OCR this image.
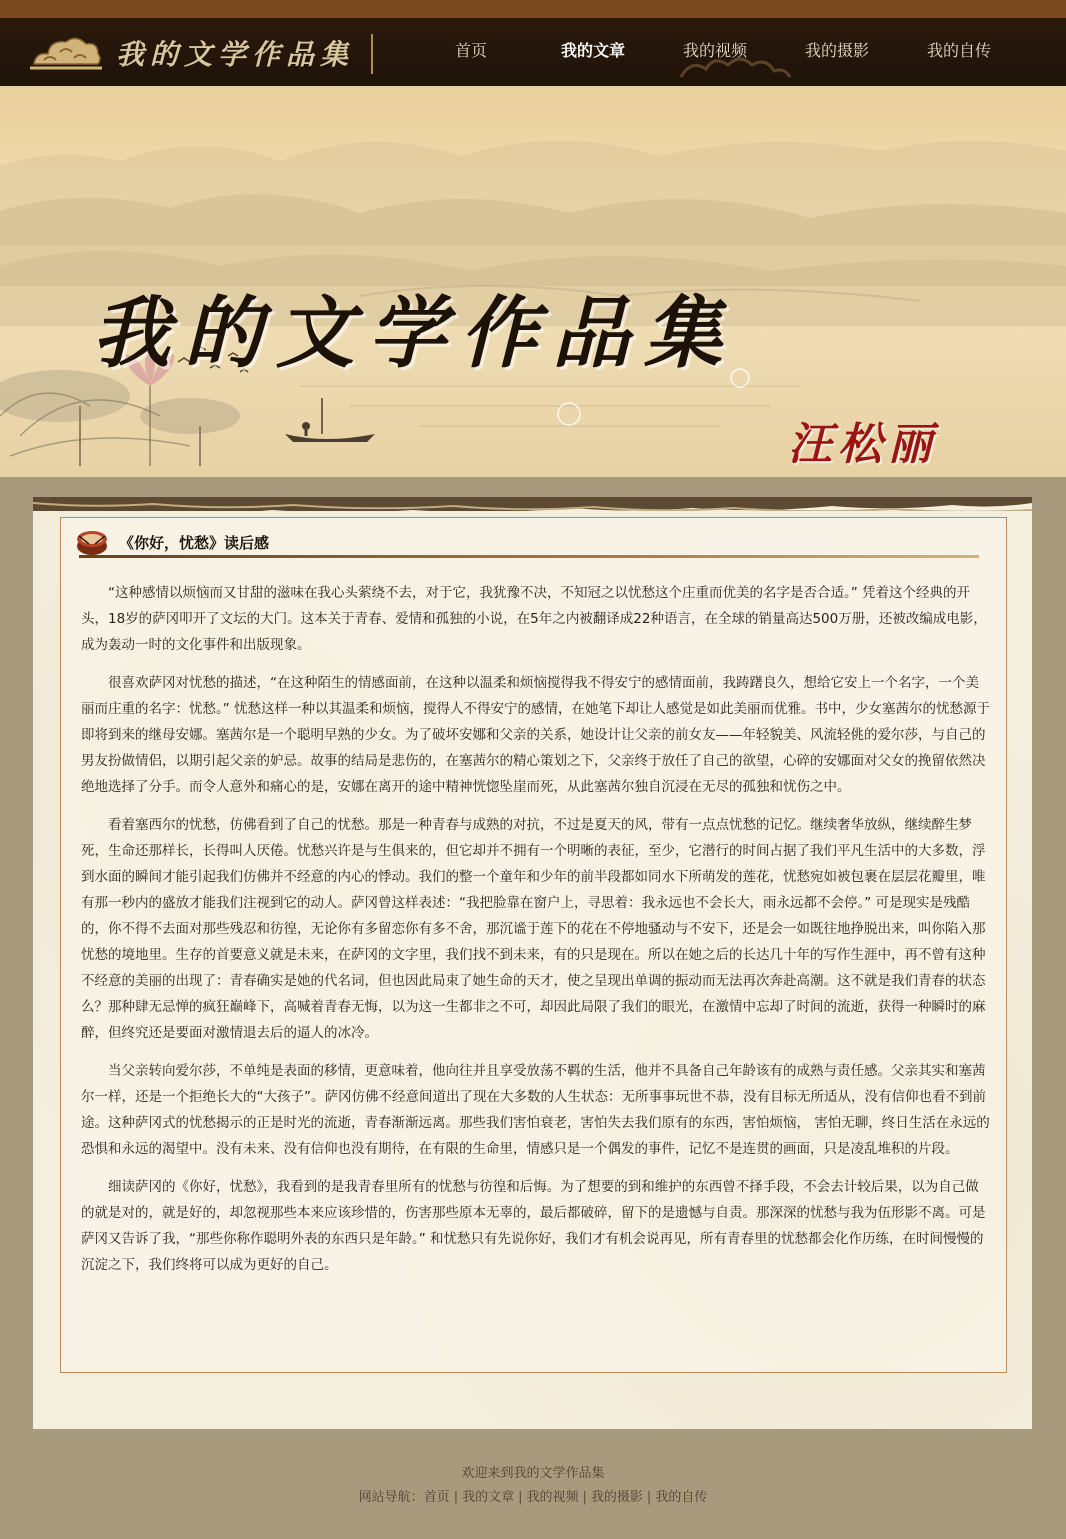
我的文学作品集	首页	我的文章	我的视频	我的摄影	我的自传
我的文学作品集
汪松丽
《你好，忧愁》读后感

“这种感情以烦恼而又甘甜的滋味在我心头萦绕不去，对于它，我犹豫不决，不知冠之以忧愁这个庄重而优美的名字是否合适。” 凭着这个经典的开头，18岁的萨冈叩开了文坛的大门。这本关于青春、爱情和孤独的小说，在5年之内被翻译成22种语言，在全球的销量高达500万册，还被改编成电影，成为轰动一时的文化事件和出版现象。

很喜欢萨冈对忧愁的描述，“在这种陌生的情感面前，在这种以温柔和烦恼搅得我不得安宁的感情面前，我踌躇良久，想给它安上一个名字，一个美丽而庄重的名字：忧愁。” 忧愁这样一种以其温柔和烦恼，搅得人不得安宁的感情，在她笔下却让人感觉是如此美丽而优雅。书中，少女塞茜尔的忧愁源于即将到来的继母安娜。塞茜尔是一个聪明早熟的少女。为了破坏安娜和父亲的关系，她设计让父亲的前女友——年轻貌美、风流轻佻的爱尔莎，与自己的男友扮做情侣，以期引起父亲的妒忌。故事的结局是悲伤的，在塞茜尔的精心策划之下，父亲终于放任了自己的欲望，心碎的安娜面对父女的挽留依然决绝地选择了分手。而令人意外和痛心的是，安娜在离开的途中精神恍惚坠崖而死，从此塞茜尔独自沉浸在无尽的孤独和忧伤之中。

看着塞西尔的忧愁，仿佛看到了自己的忧愁。那是一种青春与成熟的对抗，不过是夏天的风，带有一点点忧愁的记忆。继续奢华放纵，继续醉生梦死，生命还那样长，长得叫人厌倦。忧愁兴许是与生俱来的，但它却并不拥有一个明晰的表征，至少，它潜行的时间占据了我们平凡生活中的大多数，浮到水面的瞬间才能引起我们仿佛并不经意的内心的悸动。我们的整一个童年和少年的前半段都如同水下所萌发的莲花，忧愁宛如被包裹在层层花瓣里，唯有那一秒内的盛放才能我们注视到它的动人。萨冈曾这样表述：“我把脸靠在窗户上，寻思着：我永远也不会长大，雨永远都不会停。” 可是现实是残酷的，你不得不去面对那些残忍和彷徨，无论你有多留恋你有多不舍，那沉谧于莲下的花在不停地骚动与不安下，还是会一如既往地挣脱出来，叫你陷入那忧愁的境地里。生存的首要意义就是未来，在萨冈的文字里，我们找不到未来，有的只是现在。所以在她之后的长达几十年的写作生涯中，再不曾有这种不经意的美丽的出现了：青春确实是她的代名词，但也因此局束了她生命的天才，使之呈现出单调的振动而无法再次奔赴高潮。这不就是我们青春的状态么？那种肆无忌惮的疯狂巅峰下，高喊着青春无悔，以为这一生都非之不可，却因此局限了我们的眼光，在激情中忘却了时间的流逝，获得一种瞬时的麻醉，但终究还是要面对激情退去后的逼人的冰冷。

当父亲转向爱尔莎，不单纯是表面的移情，更意味着，他向往并且享受放荡不羁的生活，他并不具备自己年龄该有的成熟与责任感。父亲其实和塞茜尔一样，还是一个拒绝长大的“大孩子”。萨冈仿佛不经意间道出了现在大多数的人生状态：无所事事玩世不恭，没有目标无所适从，没有信仰也看不到前途。这种萨冈式的忧愁揭示的正是时光的流逝，青春渐渐远离。那些我们害怕衰老，害怕失去我们原有的东西，害怕烦恼， 害怕无聊，终日生活在永远的恐惧和永远的渴望中。没有未来、没有信仰也没有期待，在有限的生命里，情感只是一个偶发的事件，记忆不是连贯的画面，只是凌乱堆积的片段。

细读萨冈的《你好，忧愁》，我看到的是我青春里所有的忧愁与彷徨和后悔。为了想要的到和维护的东西曾不择手段，不会去计较后果，以为自己做的就是对的，就是好的，却忽视那些本来应该珍惜的，伤害那些原本无辜的，最后都破碎，留下的是遗憾与自责。那深深的忧愁与我为伍形影不离。可是萨冈又告诉了我，“那些你称作聪明外表的东西只是年龄。” 和忧愁只有先说你好，我们才有机会说再见，所有青春里的忧愁都会化作历练，在时间慢慢的沉淀之下，我们终将可以成为更好的自己。

欢迎来到我的文学作品集
网站导航：首页 | 我的文章 | 我的视频 | 我的摄影 | 我的自传
